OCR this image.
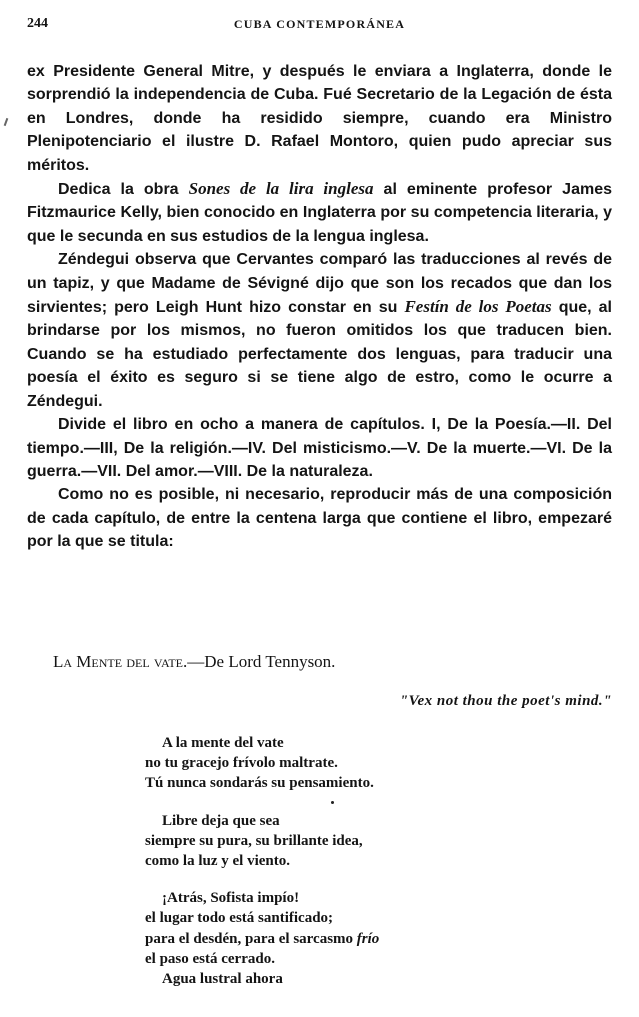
244	CUBA CONTEMPORÁNEA

ex Presidente General Mitre, y después le enviara a Inglaterra, donde le sorprendió la independencia de Cuba. Fué Secretario de la Legación de ésta en Londres, donde ha residido siempre, cuando era Ministro Plenipotenciario el ilustre D. Rafael Montoro, quien pudo apreciar sus méritos.

Dedica la obra Sones de la lira inglesa al eminente profesor James Fitzmaurice Kelly, bien conocido en Inglaterra por su competencia literaria, y que le secunda en sus estudios de la lengua inglesa.

Zéndegui observa que Cervantes comparó las traducciones al revés de un tapiz, y que Madame de Sévigné dijo que son los recados que dan los sirvientes; pero Leigh Hunt hizo constar en su Festín de los Poetas que, al brindarse por los mismos, no fueron omitidos los que traducen bien. Cuando se ha estudiado perfectamente dos lenguas, para traducir una poesía el éxito es seguro si se tiene algo de estro, como le ocurre a Zéndegui.

Divide el libro en ocho a manera de capítulos. I, De la Poesía.—II. Del tiempo.—III, De la religión.—IV. Del misticismo.—V. De la muerte.—VI. De la guerra.—VII. Del amor.—VIII. De la naturaleza.

Como no es posible, ni necesario, reproducir más de una composición de cada capítulo, de entre la centena larga que contiene el libro, empezaré por la que se titula:

La Mente del vate.—De Lord Tennyson.
"Vex not thou the poet's mind."
A la mente del vate
no tu gracejo frívolo maltrate.
Tú nunca sondarás su pensamiento.
Libre deja que sea
siempre su pura, su brillante idea,
como la luz y el viento.
¡Atrás, Sofista impío!
el lugar todo está santificado;
para el desdén, para el sarcasmo frío
el paso está cerrado.
Agua lustral ahora
